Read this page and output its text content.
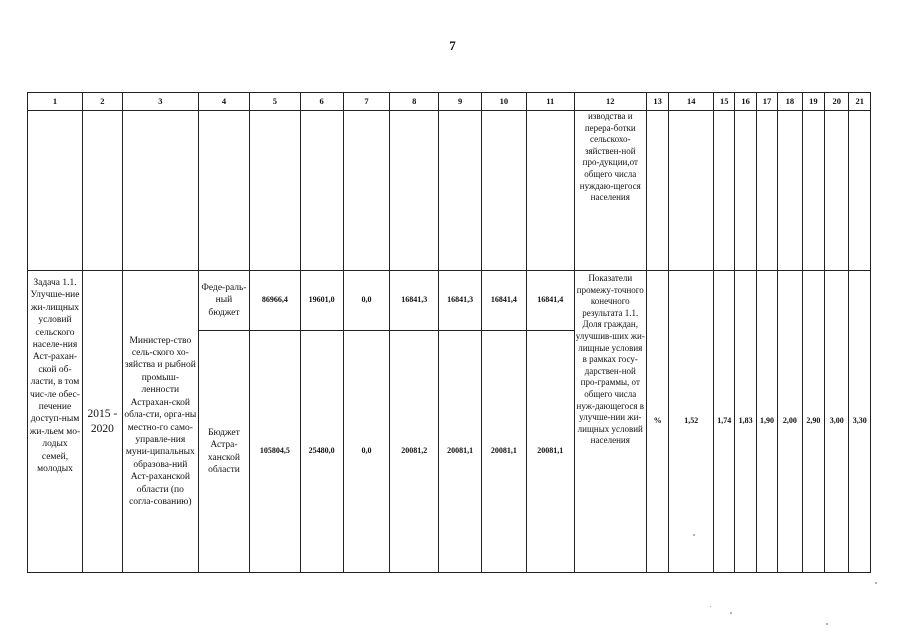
7
1	2	3	4	5	6	7	8	9	10	11	12	13	14	15	16	17	18	19	20	21
											изводства и перера-ботки сельскохо-зяйствен-ной про-дукции,от общего числа нуждаю-щегося населения									
Задача 1.1. Улучше-ние жи-лищных условий сельского населе-ния Аст-рахан-ской об-ласти, в том чис-ле обес-печение доступ-ным жи-льем мо-лодых семей, молодых	2015 - 2020	Министер-ство сель-ского хо-зяйства и рыбной промыш-ленности Астрахан-ской обла-сти, орга-ны местно-го само-управле-ния муни-ципальных образова-ний Аст-раханской области (по согла-сованию)	Феде-раль-ный бюджет	86966,4	19601,0	0,0	16841,3	16841,3	16841,4	16841,4	Показатели промежу-точного конечного результата 1.1. Доля граждан, улучшив-ших жи-лищные условия в рамках госу-дарствен-ной про-граммы, от общего числа нуж-дающегося в улучше-нии жи-лищных условий населения	%	1,52	1,74	1,83	1,90	2,00	2,90	3,00	3,30
			Бюджет Астра-ханской области	105804,5	25480,0	0,0	20081,2	20081,1	20081,1	20081,1										
